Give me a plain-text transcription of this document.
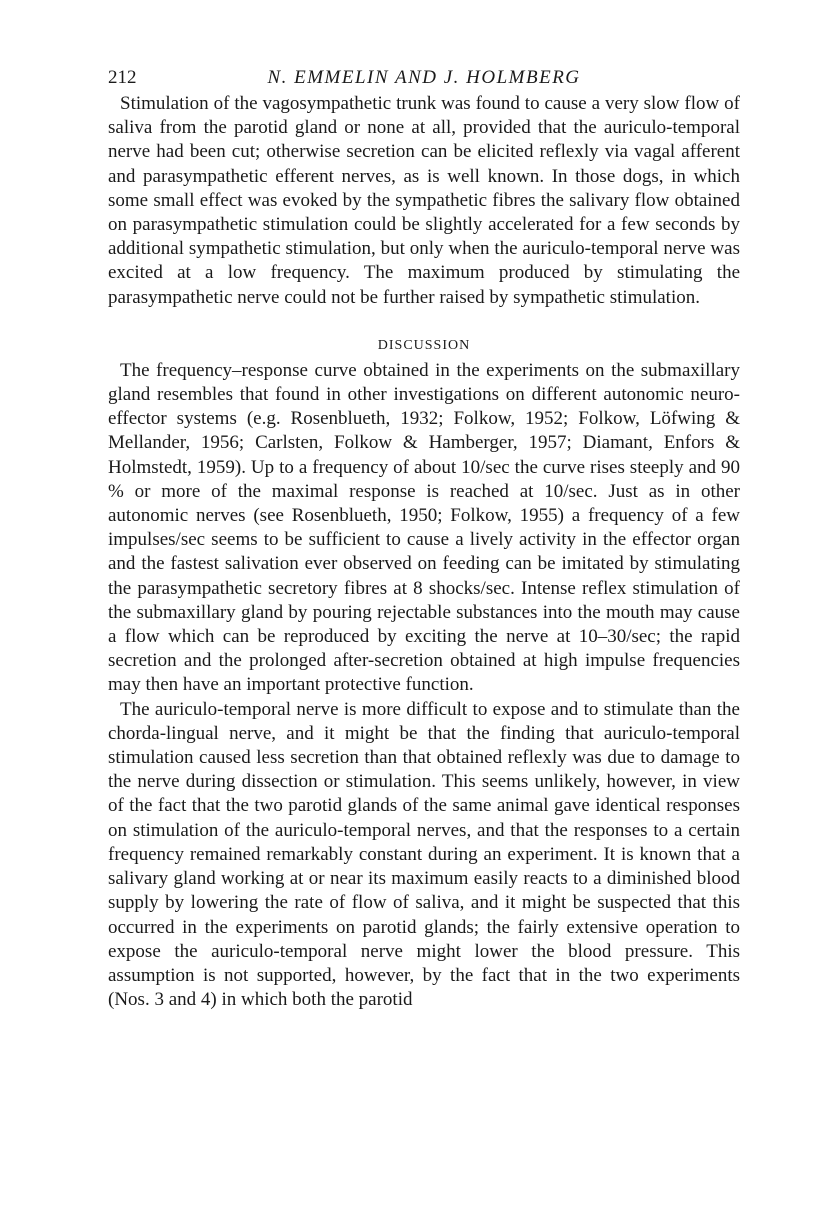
212	N. EMMELIN AND J. HOLMBERG

Stimulation of the vagosympathetic trunk was found to cause a very slow flow of saliva from the parotid gland or none at all, provided that the auriculo-temporal nerve had been cut; otherwise secretion can be elicited reflexly via vagal afferent and parasympathetic efferent nerves, as is well known. In those dogs, in which some small effect was evoked by the sympathetic fibres the salivary flow obtained on parasympathetic stimulation could be slightly accelerated for a few seconds by additional sympathetic stimulation, but only when the auriculo-temporal nerve was excited at a low frequency. The maximum produced by stimulating the parasympathetic nerve could not be further raised by sympathetic stimulation.

DISCUSSION

The frequency–response curve obtained in the experiments on the submaxillary gland resembles that found in other investigations on different autonomic neuro-effector systems (e.g. Rosenblueth, 1932; Folkow, 1952; Folkow, Löfwing & Mellander, 1956; Carlsten, Folkow & Hamberger, 1957; Diamant, Enfors & Holmstedt, 1959). Up to a frequency of about 10/sec the curve rises steeply and 90 % or more of the maximal response is reached at 10/sec. Just as in other autonomic nerves (see Rosenblueth, 1950; Folkow, 1955) a frequency of a few impulses/sec seems to be sufficient to cause a lively activity in the effector organ and the fastest salivation ever observed on feeding can be imitated by stimulating the parasympathetic secretory fibres at 8 shocks/sec. Intense reflex stimulation of the submaxillary gland by pouring rejectable substances into the mouth may cause a flow which can be reproduced by exciting the nerve at 10–30/sec; the rapid secretion and the prolonged after-secretion obtained at high impulse frequencies may then have an important protective function.

The auriculo-temporal nerve is more difficult to expose and to stimulate than the chorda-lingual nerve, and it might be that the finding that auriculo-temporal stimulation caused less secretion than that obtained reflexly was due to damage to the nerve during dissection or stimulation. This seems unlikely, however, in view of the fact that the two parotid glands of the same animal gave identical responses on stimulation of the auriculo-temporal nerves, and that the responses to a certain frequency remained remarkably constant during an experiment. It is known that a salivary gland working at or near its maximum easily reacts to a diminished blood supply by lowering the rate of flow of saliva, and it might be suspected that this occurred in the experiments on parotid glands; the fairly extensive operation to expose the auriculo-temporal nerve might lower the blood pressure. This assumption is not supported, however, by the fact that in the two experiments (Nos. 3 and 4) in which both the parotid
